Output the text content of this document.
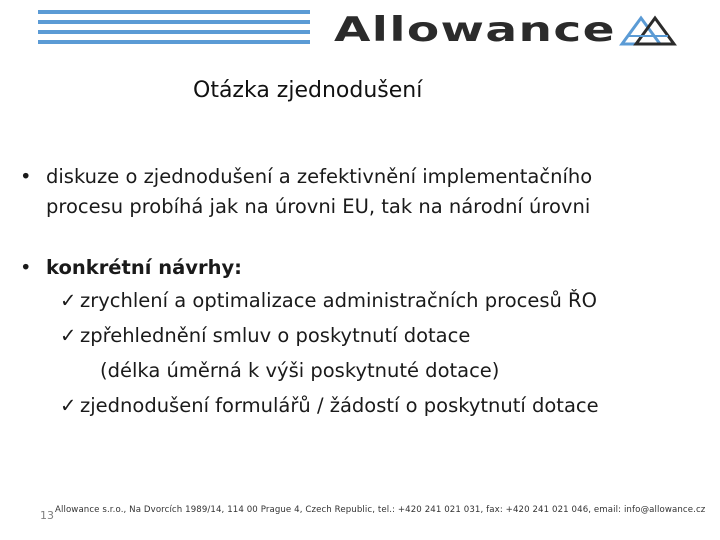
Allowance
Otázka zjednodušení
• diskuze o zjednodušení a zefektivnění implementačního
procesu probíhá jak na úrovni EU, tak na národní úrovni
• konkrétní návrhy:
✓ zrychlení a optimalizace administračních procesů ŘO
✓ zpřehlednění smluv o poskytnutí dotace
(délka úměrná k výši poskytnuté dotace)
✓ zjednodušení formulářů / žádostí o poskytnutí dotace
Allowance s.r.o., Na Dvorcích 1989/14, 114 00 Prague 4, Czech Republic, tel.: +420 241 021 031, fax: +420 241 021 046, email: info@allowance.cz
13
